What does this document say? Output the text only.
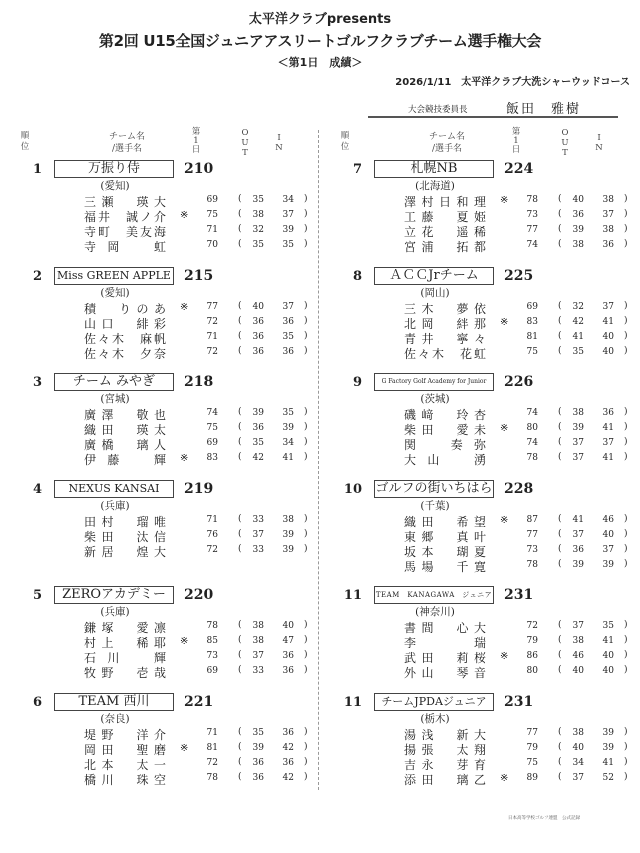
太平洋クラブpresents
第2回 U15全国ジュニアアスリートゴルフクラブチーム選手権大会
＜第1日　成績＞
2026/1/11　太平洋クラブ大洗シャーウッドコース
大会競技委員長	飯田　雅樹
順
位
チーム名
/選手名
第
1
日
O
U
T
I
N
1	万振り侍	210
(愛知)
三瀬　瑛大	69 ( 35 34 )
福井　誠ノ介 ※	75 ( 38 37 )
寺町　美友海	71 ( 32 39 )
寺岡　虹	70 ( 35 35 )
2 Miss GREEN APPLE 215
(愛知)
積　りのあ ※	77 ( 40 37 )
山口　緋彩	72 ( 36 36 )
佐々木　麻帆	71 ( 36 35 )
佐々木　夕奈	72 ( 36 36 )
3	チーム みやぎ	218
(宮城)
廣澤　敬也	74 ( 39 35 )
織田　瑛太	75 ( 36 39 )
廣橋　璃人	69 ( 35 34 )
伊藤　輝 ※	83 ( 42 41 )
4	NEXUS KANSAI	219
(兵庫)
田村　瑠唯	71 ( 33 38 )
柴田　汰信	76 ( 37 39 )
新居　煌大	72 ( 33 39 )
5	ZEROアカデミー	220
(兵庫)
鎌塚　愛凛	78 ( 38 40 )
村上　稀耶 ※	85 ( 38 47 )
石川　輝	73 ( 37 36 )
牧野　壱哉	69 ( 33 36 )
6	TEAM 西川	221
(奈良)
堤野　洋介	71 ( 35 36 )
岡田　聖磨 ※	81 ( 39 42 )
北本　太一	72 ( 36 36 )
橋川　珠空	78 ( 36 42 )
順
位
チーム名
/選手名
第
1
日
O
U
T
I
N
7	札幌NB	224
(北海道)
澤村日和理 ※	78 ( 40 38 )
工藤　夏姫	73 ( 36 37 )
立花　遥稀	77 ( 39 38 )
宮浦　拓都	74 ( 38 36 )
8	ＡＣＣJrチーム	225
(岡山)
三木　夢依	69 ( 32 37 )
北岡　絆那 ※	83 ( 42 41 )
青井　寧々	81 ( 41 40 )
佐々木　花虹	75 ( 35 40 )
9	G Factory Golf Academy for Junior	226
(茨城)
磯﨑　玲杏	74 ( 38 36 )
柴田　愛未 ※	80 ( 39 41 )
関　奏弥	74 ( 37 37 )
大山　湧	78 ( 37 41 )
10 ゴルフの街いちはら 228
(千葉)
織田　希望 ※	87 ( 41 46 )
東郷　真叶	77 ( 37 40 )
坂本　瑚夏	73 ( 36 37 )
馬場　千寛	78 ( 39 39 )
11 TEAM　KANAGAWA　ジュニア 231
(神奈川)
書間　心大	72 ( 37 35 )
李　瑞	79 ( 38 41 )
武田　莉桜 ※	86 ( 46 40 )
外山　琴音	80 ( 40 40 )
11	チームJPDAジュニア	231
(栃木)
湯浅　新大	77 ( 38 39 )
揚張　太翔	79 ( 40 39 )
吉永　芽育	75 ( 34 41 )
添田　璃乙 ※	89 ( 37 52 )
日本高等学校ゴルフ連盟　公式記録
